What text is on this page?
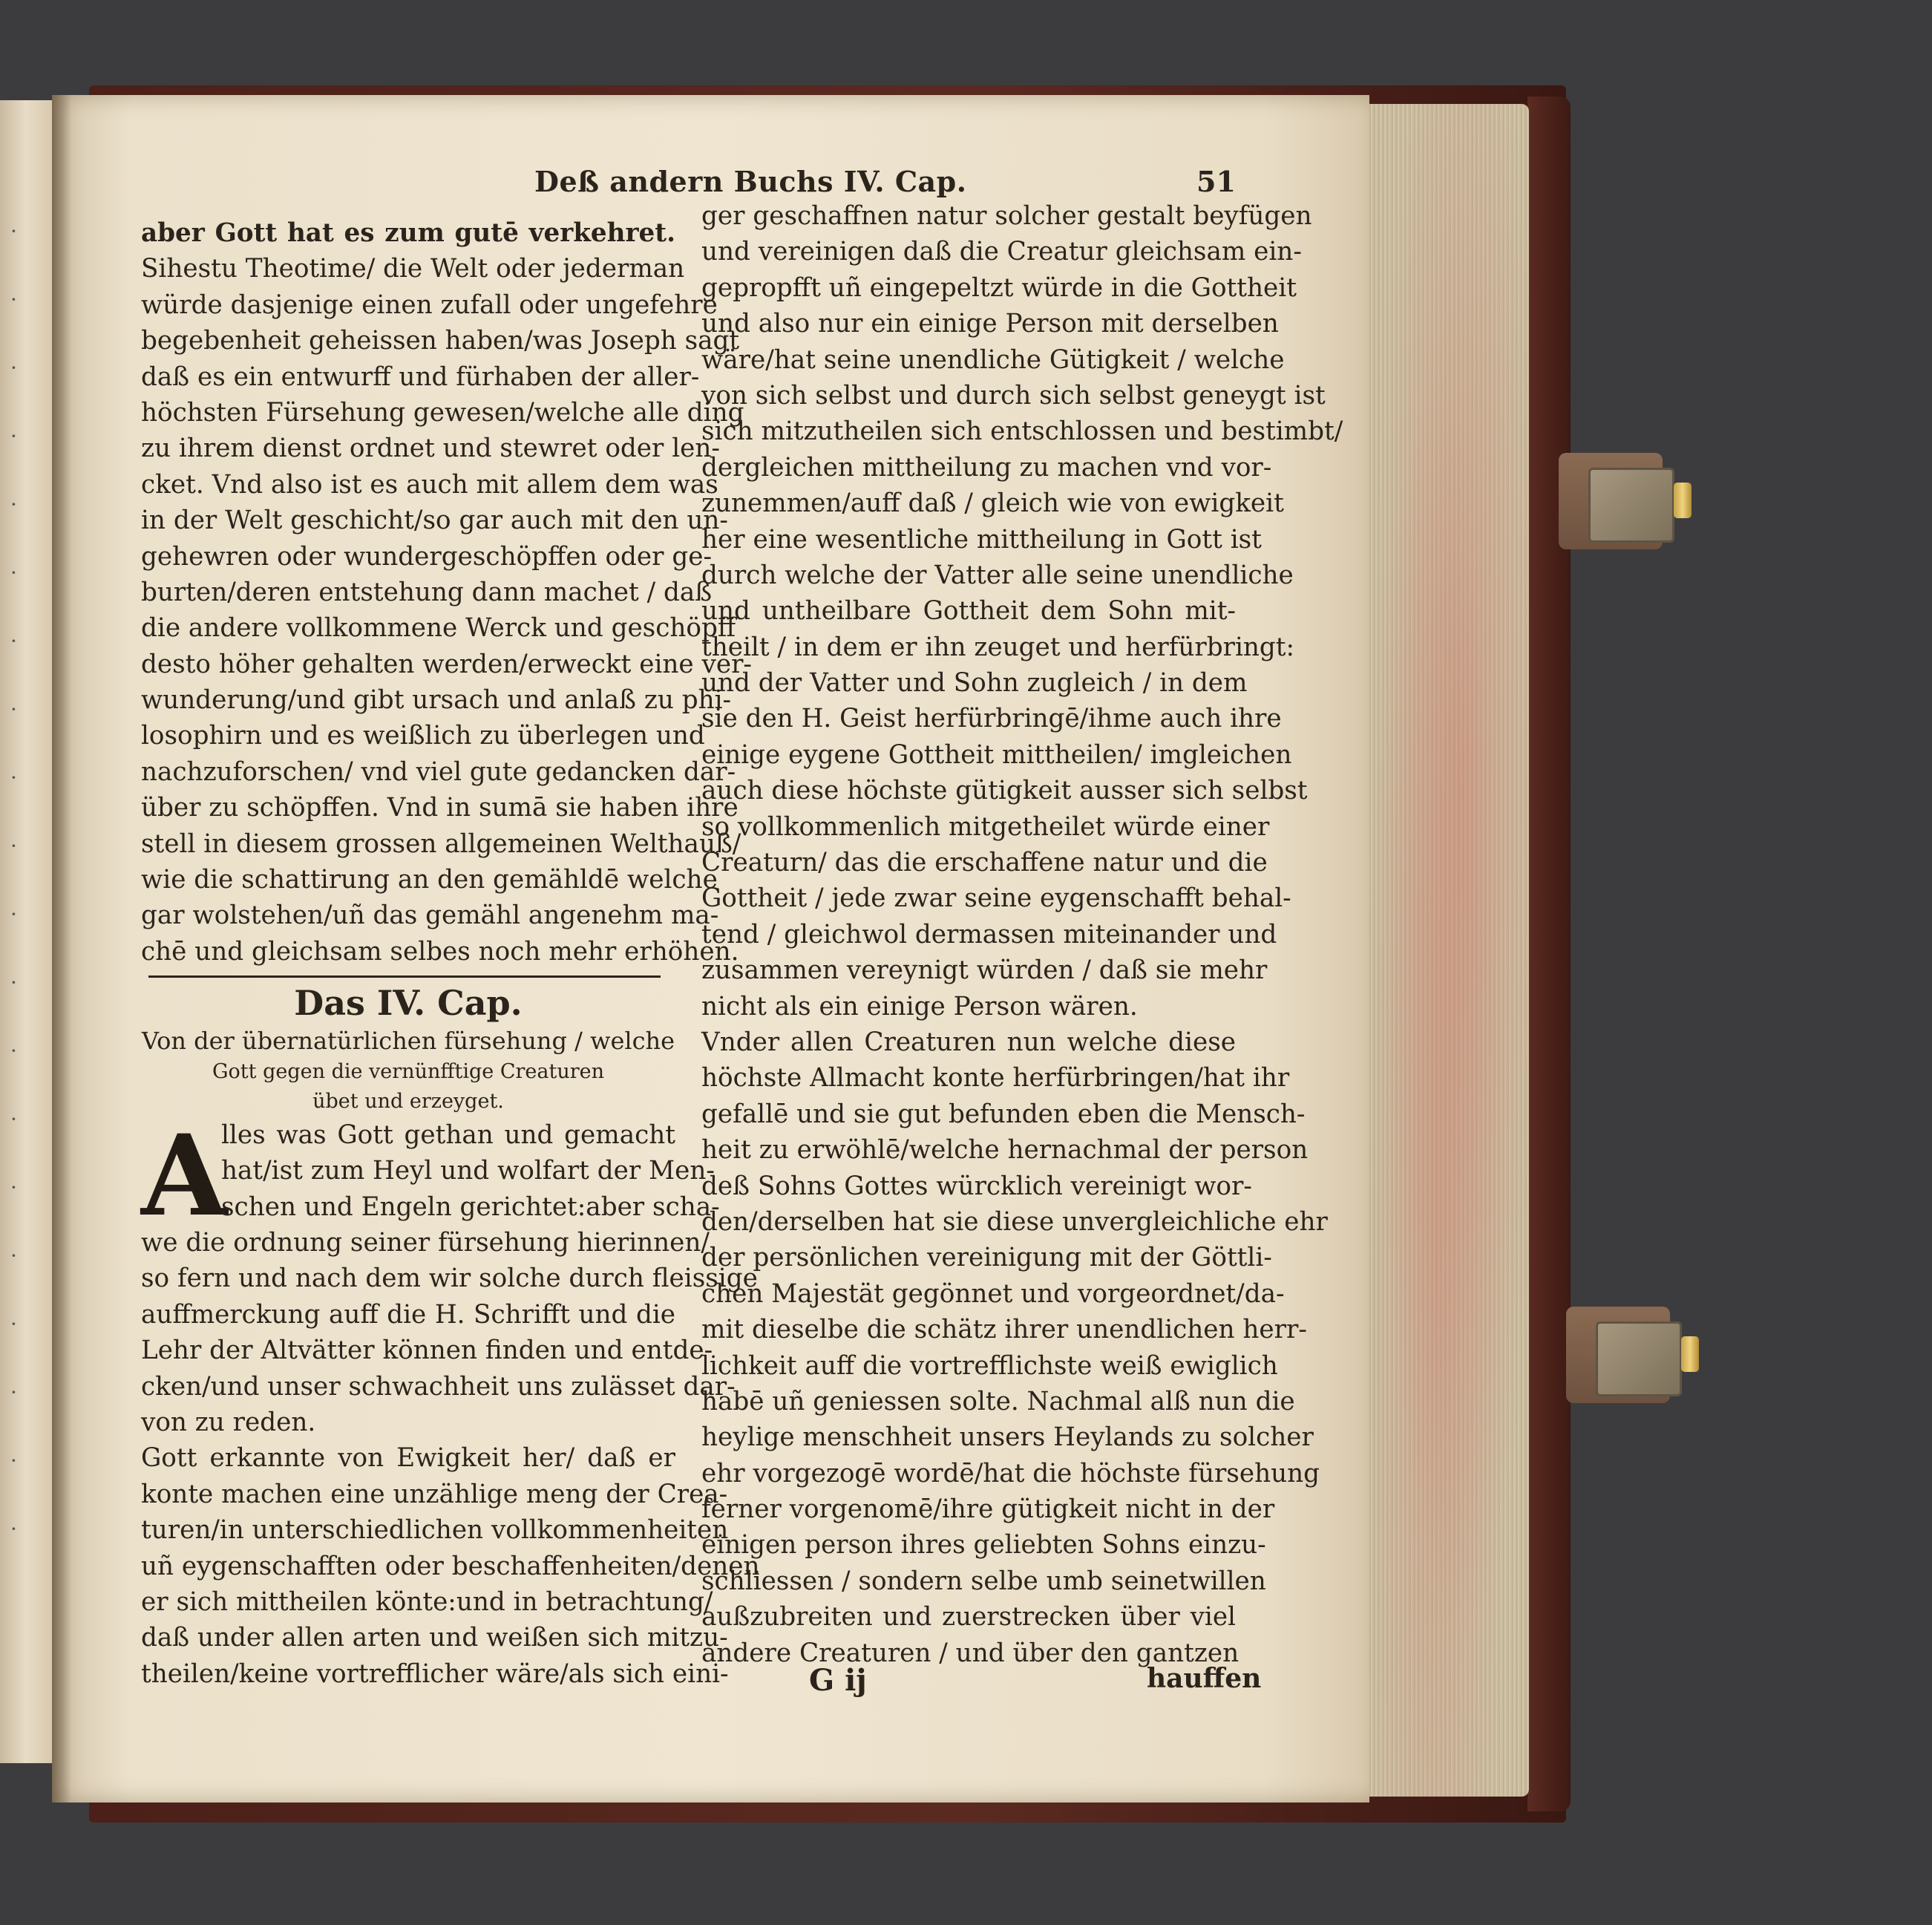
·
·
·
·
·
·
·
·
·
·
·
·
·
·
·
·
·
·
·
·
Deß andern Buchs IV. Cap.	51
aber Gott hat es zum gutē verkehret.
Sihestu Theotime/ die Welt oder jederman
würde dasjenige einen zufall oder ungefehre
begebenheit geheissen haben/was Joseph sagt
daß es ein entwurff und fürhaben der aller-
höchsten Fürsehung gewesen/welche alle ding
zu ihrem dienst ordnet und stewret oder len-
cket. Vnd also ist es auch mit allem dem was
in der Welt geschicht/so gar auch mit den un-
gehewren oder wundergeschöpffen oder ge-
burten/deren entstehung dann machet / daß
die andere vollkommene Werck und geschöpff
desto höher gehalten werden/erweckt eine ver-
wunderung/und gibt ursach und anlaß zu phi-
losophirn und es weißlich zu überlegen und
nachzuforschen/ vnd viel gute gedancken dar-
über zu schöpffen. Vnd in sumā sie haben ihre
stell in diesem grossen allgemeinen Welthauß/
wie die schattirung an den gemähldē welche
gar wolstehen/uñ das gemähl angenehm ma-
chē und gleichsam selbes noch mehr erhöhen.
Das IV. Cap.
Von der übernatürlichen fürsehung / welche
Gott gegen die vernünfftige Creaturen
übet und erzeyget.
A
lles was Gott gethan und gemacht
hat/ist zum Heyl und wolfart der Men-
schen und Engeln gerichtet:aber scha-
we die ordnung seiner fürsehung hierinnen/
so fern und nach dem wir solche durch fleissige
auffmerckung auff die H. Schrifft und die
Lehr der Altvätter können finden und entde-
cken/und unser schwachheit uns zulässet dar-
von zu reden.
Gott erkannte von Ewigkeit her/ daß er
konte machen eine unzählige meng der Crea-
turen/in unterschiedlichen vollkommenheiten
uñ eygenschafften oder beschaffenheiten/denen
er sich mittheilen könte:und in betrachtung/
daß under allen arten und weißen sich mitzu-
theilen/keine vortrefflicher wäre/als sich eini-
ger geschaffnen natur solcher gestalt beyfügen
und vereinigen daß die Creatur gleichsam ein-
gepropfft uñ eingepeltzt würde in die Gottheit
und also nur ein einige Person mit derselben
wäre/hat seine unendliche Gütigkeit / welche
von sich selbst und durch sich selbst geneygt ist
sich mitzutheilen sich entschlossen und bestimbt/
dergleichen mittheilung zu machen vnd vor-
zunemmen/auff daß / gleich wie von ewigkeit
her eine wesentliche mittheilung in Gott ist
durch welche der Vatter alle seine unendliche
und untheilbare Gottheit dem Sohn mit-
theilt / in dem er ihn zeuget und herfürbringt:
und der Vatter und Sohn zugleich / in dem
sie den H. Geist herfürbringē/ihme auch ihre
einige eygene Gottheit mittheilen/ imgleichen
auch diese höchste gütigkeit ausser sich selbst
so vollkommenlich mitgetheilet würde einer
Creaturn/ das die erschaffene natur und die
Gottheit / jede zwar seine eygenschafft behal-
tend / gleichwol dermassen miteinander und
zusammen vereynigt würden / daß sie mehr
nicht als ein einige Person wären.
Vnder allen Creaturen nun welche diese
höchste Allmacht konte herfürbringen/hat ihr
gefallē und sie gut befunden eben die Mensch-
heit zu erwöhlē/welche hernachmal der person
deß Sohns Gottes würcklich vereinigt wor-
den/derselben hat sie diese unvergleichliche ehr
der persönlichen vereinigung mit der Göttli-
chen Majestät gegönnet und vorgeordnet/da-
mit dieselbe die schätz ihrer unendlichen herr-
lichkeit auff die vortrefflichste weiß ewiglich
habē uñ geniessen solte. Nachmal alß nun die
heylige menschheit unsers Heylands zu solcher
ehr vorgezogē wordē/hat die höchste fürsehung
ferner vorgenomē/ihre gütigkeit nicht in der
einigen person ihres geliebten Sohns einzu-
schliessen / sondern selbe umb seinetwillen
außzubreiten und zuerstrecken über viel
andere Creaturen / und über den gantzen
G ij	hauffen
